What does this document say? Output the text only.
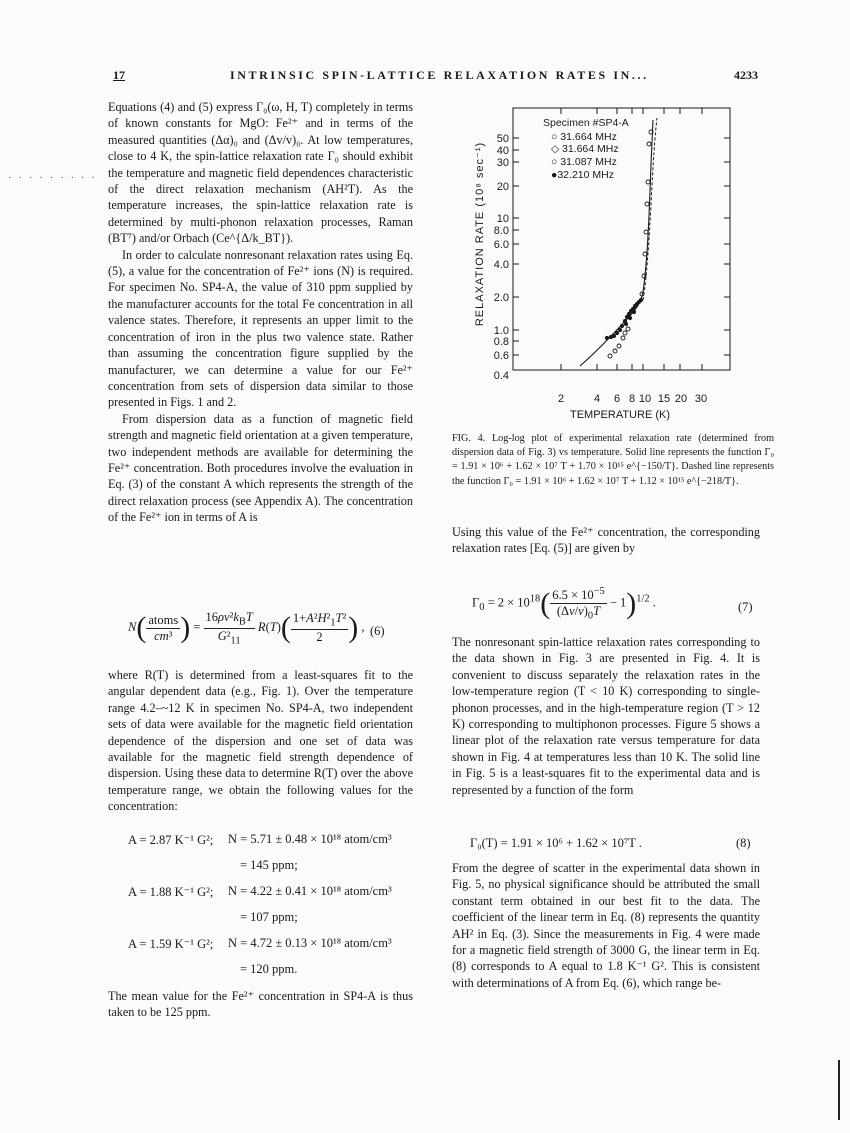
17	INTRINSIC SPIN-LATTICE RELAXATION RATES IN...	4233
· · · · · · · · ·

Equations (4) and (5) express Γ₀(ω, H, T) completely in terms of known constants for MgO: Fe²⁺ and in terms of the measured quantities (Δα)₀ and (Δv/v)₀. At low temperatures, close to 4 K, the spin-lattice relaxation rate Γ₀ should exhibit the temperature and magnetic field dependences characteristic of the direct relaxation mechanism (AH²T). As the temperature increases, the spin-lattice relaxation rate is determined by multi-phonon relaxation processes, Raman (BT⁷) and/or Orbach (Ce^{Δ/k_BT}).

In order to calculate nonresonant relaxation rates using Eq. (5), a value for the concentration of Fe²⁺ ions (N) is required. For specimen No. SP4-A, the value of 310 ppm supplied by the manufacturer accounts for the total Fe concentration in all valence states. Therefore, it represents an upper limit to the concentration of iron in the plus two valence state. Rather than assuming the concentration figure supplied by the manufacturer, we can determine a value for our Fe²⁺ concentration from sets of dispersion data similar to those presented in Figs. 1 and 2.

From dispersion data as a function of magnetic field strength and magnetic field orientation at a given temperature, two independent methods are available for determining the Fe²⁺ concentration. Both procedures involve the evaluation in Eq. (3) of the constant A which represents the strength of the direct relaxation process (see Appendix A). The concentration of the Fe²⁺ ion in terms of A is

$N( \frac{\text{atoms}}{\text{cm³}}$ ) = $\frac{16\rho v^2k_BT}{G^2_{11}} R(T)( \frac{1+A^2H^2_1T^2}{2}$ ) , (6)

where R(T) is determined from a least-squares fit to the angular dependent data (e.g., Fig. 1). Over the temperature range 4.2–~12 K in specimen No. SP4-A, two independent sets of data were available for the magnetic field orientation dependence of the dispersion and one set of data was available for the magnetic field strength dependence of dispersion. Using these data to determine R(T) over the above temperature range, we obtain the following values for the concentration:

A = 2.87 K⁻¹ G²; N = 5.71 ± 0.48 × 10¹⁸ atom/cm³
= 145 ppm;
A = 1.88 K⁻¹ G²; N = 4.22 ± 0.41 × 10¹⁸ atom/cm³
= 107 ppm;
A = 1.59 K⁻¹ G²; N = 4.72 ± 0.13 × 10¹⁸ atom/cm³
= 120 ppm.

The mean value for the Fe²⁺ concentration in SP4-A is thus taken to be 125 ppm.

50
40
30
20
10
8.0
6.0
4.0
2.0
1.0
0.8
0.6
0.4
2	4 6 8 10 15 20 30
TEMPERATURE (K)
RELAXATION RATE (10⁸ sec⁻¹)
Specimen #SP4-A
○ 31.664 MHz
◇ 31.664 MHz
○ 31.087 MHz
●32.210 MHz
FIG. 4. Log-log plot of experimental relaxation rate (determined from dispersion data of Fig. 3) vs temperature. Solid line represents the function Γ₀ = 1.91 × 10⁶ + 1.62 × 10⁷ T + 1.70 × 10¹⁵ e^{−150/T}. Dashed line represents the function Γ₀ = 1.91 × 10⁶ + 1.62 × 10⁷ T + 1.12 × 10¹⁵ e^{−218/T}.

Using this value of the Fe²⁺ concentration, the corresponding relaxation rates [Eq. (5)] are given by

$\Gamma_0 = 2 \times 10^{18}( \frac{6.5 \times 10^{-5}}{(\Delta v/v)_0T} - 1)^{1/2}$ .	(7)

The nonresonant spin-lattice relaxation rates corresponding to the data shown in Fig. 3 are presented in Fig. 4. It is convenient to discuss separately the relaxation rates in the low-temperature region (T < 10 K) corresponding to single-phonon processes, and in the high-temperature region (T > 12 K) corresponding to multiphonon processes. Figure 5 shows a linear plot of the relaxation rate versus temperature for data shown in Fig. 4 at temperatures less than 10 K. The solid line in Fig. 5 is a least-squares fit to the experimental data and is represented by a function of the form

Γ₀(T) = 1.91 × 10⁶ + 1.62 × 10⁷T .	(8)

From the degree of scatter in the experimental data shown in Fig. 5, no physical significance should be attributed the small constant term obtained in our best fit to the data. The coefficient of the linear term in Eq. (8) represents the quantity AH² in Eq. (3). Since the measurements in Fig. 4 were made for a magnetic field strength of 3000 G, the linear term in Eq. (8) corresponds to A equal to 1.8 K⁻¹ G². This is consistent with determinations of A from Eq. (6), which range be-
